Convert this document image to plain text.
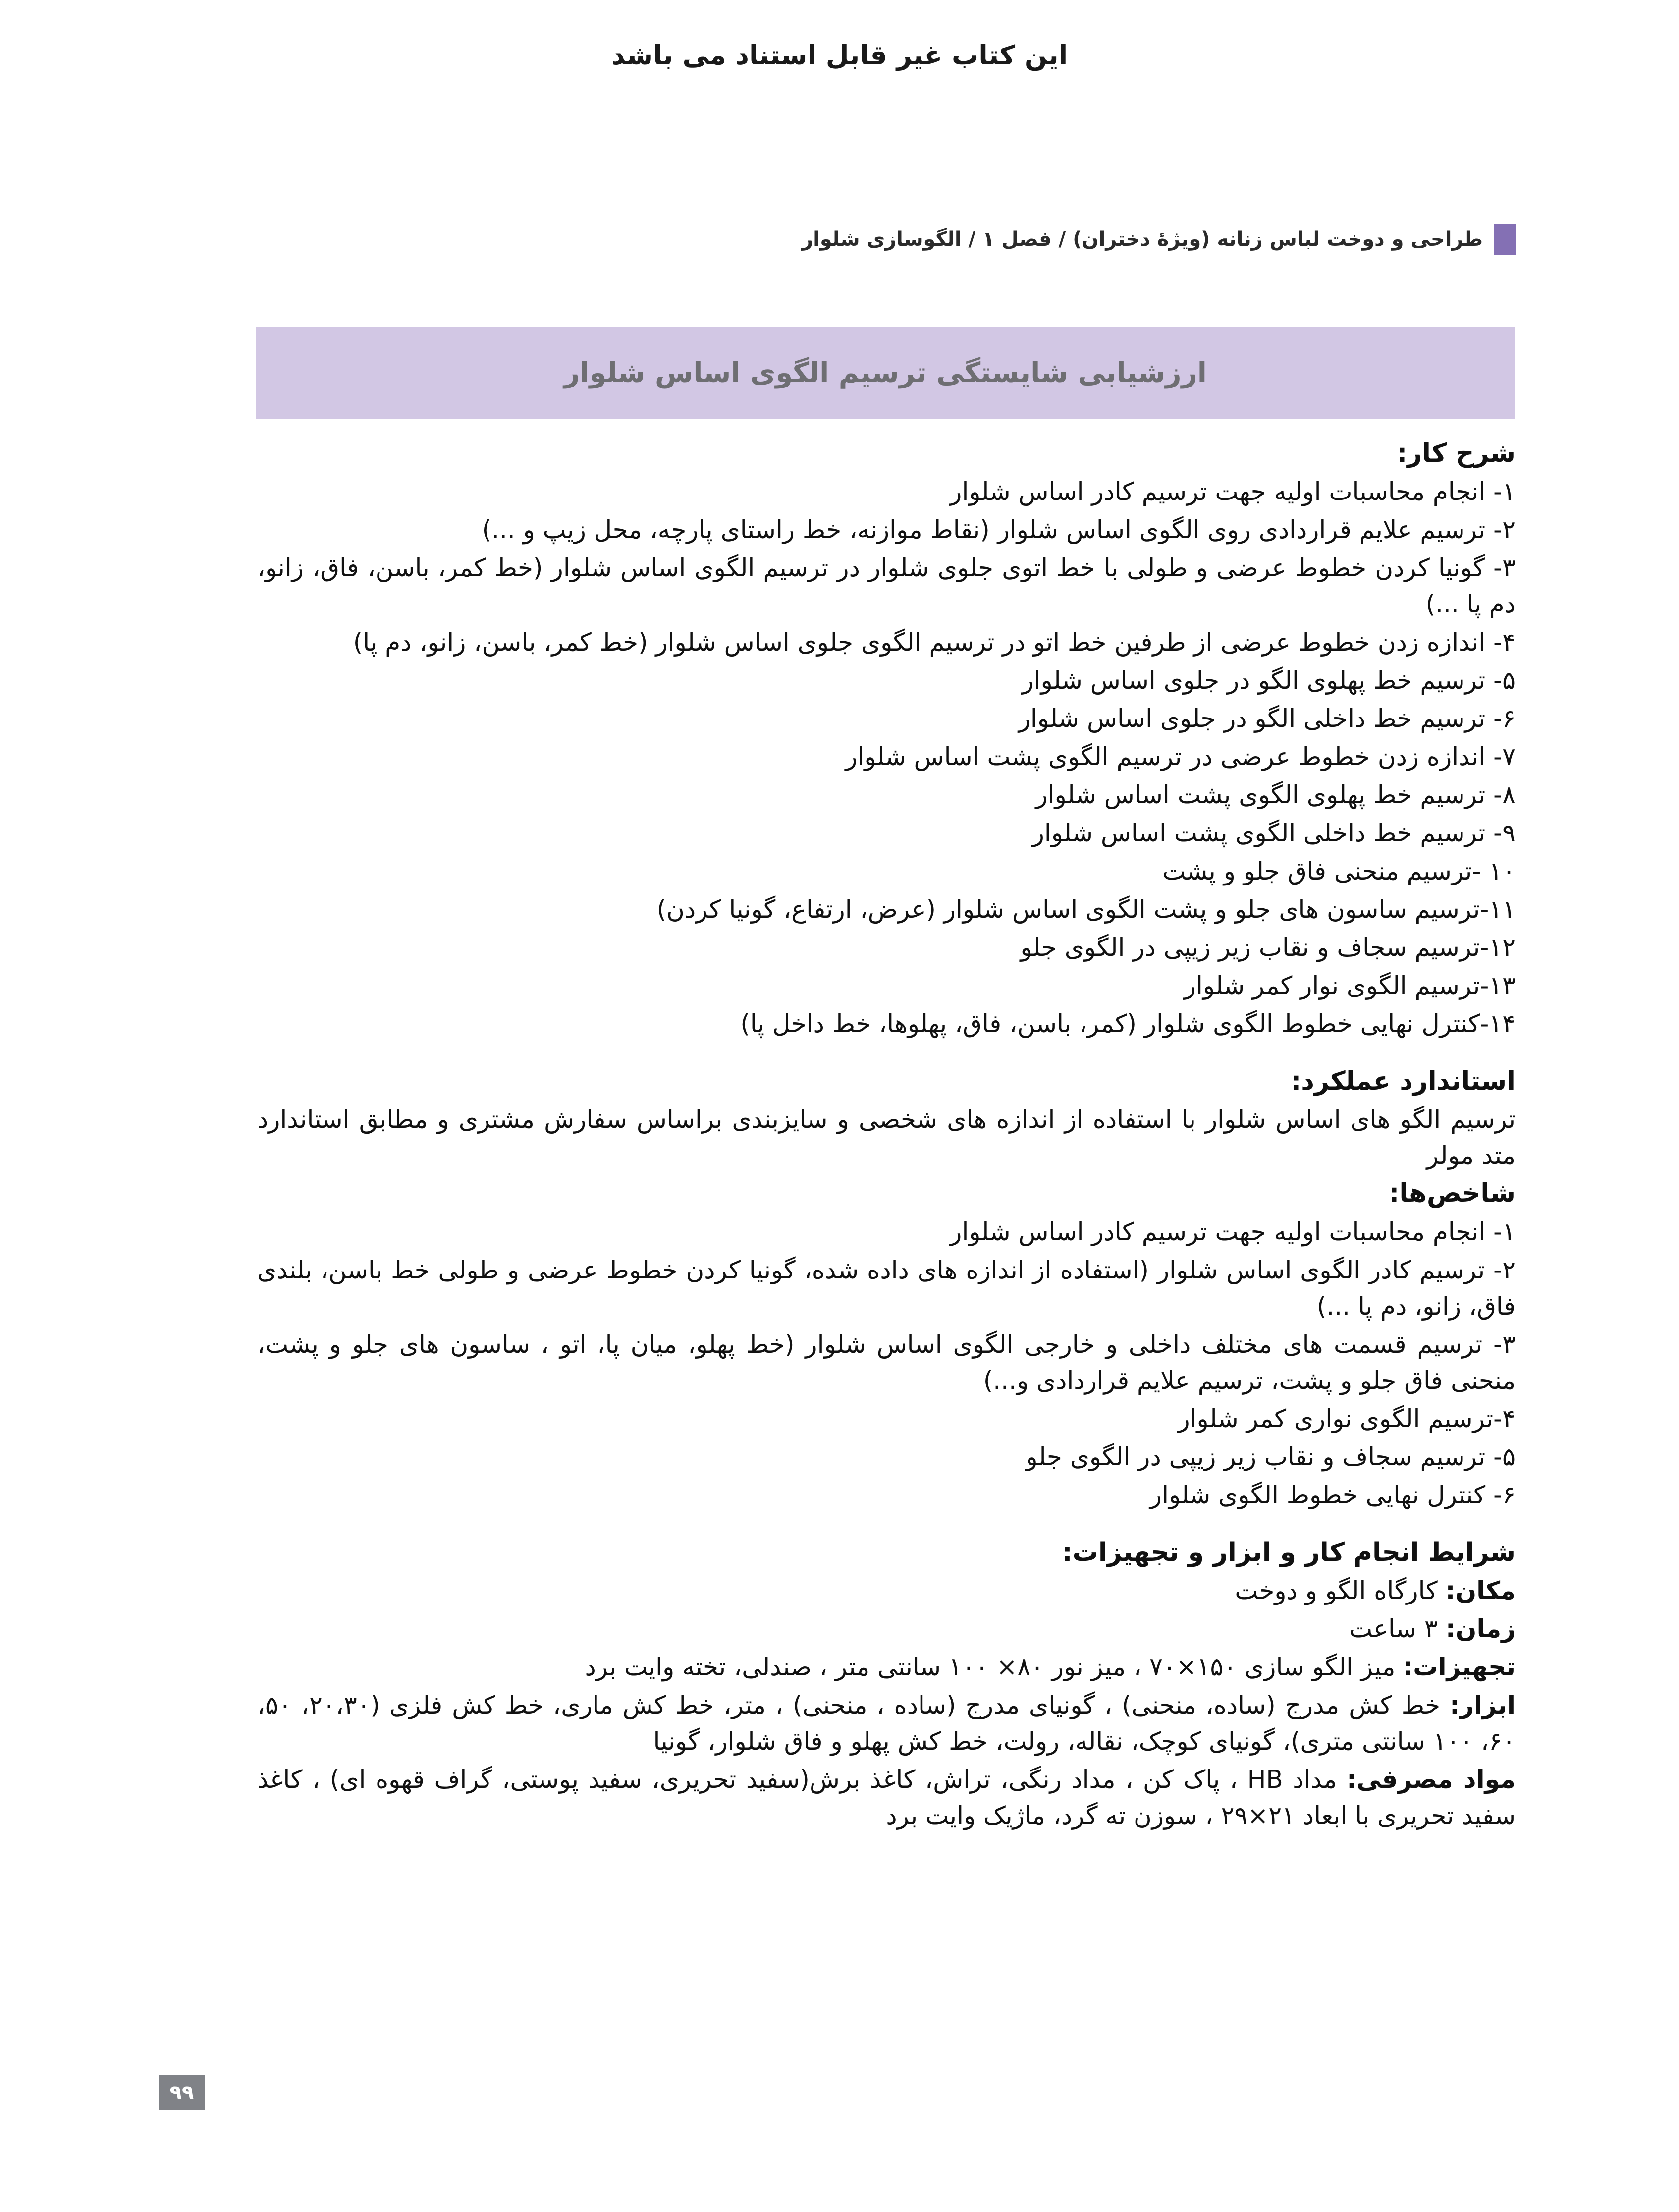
این کتاب غیر قابل استناد می باشد
طراحی و دوخت لباس زنانه (ویژهٔ دختران) / فصل ۱ / الگوسازی شلوار
ارزشیابی شایستگی ترسیم الگوی اساس شلوار
شرح کار:
۱- انجام محاسبات اولیه جهت ترسیم کادر اساس شلوار
۲- ترسیم علایم قراردادی روی الگوی اساس شلوار (نقاط موازنه، خط راستای پارچه، محل زیپ و ...)
۳- گونیا کردن خطوط عرضی و طولی با خط اتوی جلوی شلوار در ترسیم الگوی اساس شلوار (خط کمر، باسن، فاق، زانو، دم پا ...)
۴- اندازه زدن خطوط عرضی از طرفین خط اتو در ترسیم الگوی جلوی اساس شلوار (خط کمر، باسن، زانو، دم پا)
۵- ترسیم خط پهلوی الگو در جلوی اساس شلوار
۶- ترسیم خط داخلی الگو در جلوی اساس شلوار
۷- اندازه زدن خطوط عرضی در ترسیم الگوی پشت اساس شلوار
۸- ترسیم خط پهلوی الگوی پشت اساس شلوار
۹- ترسیم خط داخلی الگوی پشت اساس شلوار
۱۰ -ترسیم منحنی فاق جلو و پشت
۱۱-ترسیم ساسون های جلو و پشت الگوی اساس شلوار (عرض، ارتفاع، گونیا کردن)
۱۲-ترسیم سجاف و نقاب زیر زیپی در الگوی جلو
۱۳-ترسیم الگوی نوار کمر شلوار
۱۴-کنترل نهایی خطوط الگوی شلوار (کمر، باسن، فاق، پهلوها، خط داخل پا)
استاندارد عملکرد:
ترسیم الگو های اساس شلوار با استفاده از اندازه های شخصی و سایزبندی براساس سفارش مشتری و مطابق استاندارد متد مولر
شاخص‌ها:
۱- انجام محاسبات اولیه جهت ترسیم کادر اساس شلوار
۲- ترسیم کادر الگوی اساس شلوار (استفاده از اندازه های داده شده، گونیا کردن خطوط عرضی و طولی خط باسن، بلندی فاق، زانو، دم پا ...)
۳- ترسیم قسمت های مختلف داخلی و خارجی الگوی اساس شلوار (خط پهلو، میان پا، اتو ، ساسون های جلو و پشت، منحنی فاق جلو و پشت، ترسیم علایم قراردادی و...)
۴-ترسیم الگوی نواری کمر شلوار
۵- ترسیم سجاف و نقاب زیر زیپی در الگوی جلو
۶- کنترل نهایی خطوط الگوی شلوار
شرایط انجام کار و ابزار و تجهیزات:
مکان: کارگاه الگو و دوخت
زمان: ۳ ساعت
تجهیزات: میز الگو سازی ۱۵۰×۷۰ ، میز نور ۸۰× ۱۰۰ سانتی متر ، صندلی، تخته وایت برد
ابزار: خط کش مدرج (ساده، منحنی) ، گونیای مدرج (ساده ، منحنی) ، متر، خط کش ماری، خط کش فلزی (۲۰،۳۰، ۵۰، ۶۰، ۱۰۰ سانتی متری)، گونیای کوچک، نقاله، رولت، خط کش پهلو و فاق شلوار، گونیا
مواد مصرفی: مداد HB ، پاک کن ، مداد رنگی، تراش، کاغذ برش(سفید تحریری، سفید پوستی، گراف قهوه ای) ، کاغذ سفید تحریری با ابعاد ۲۱×۲۹ ، سوزن ته گرد، ماژیک وایت برد
۹۹
